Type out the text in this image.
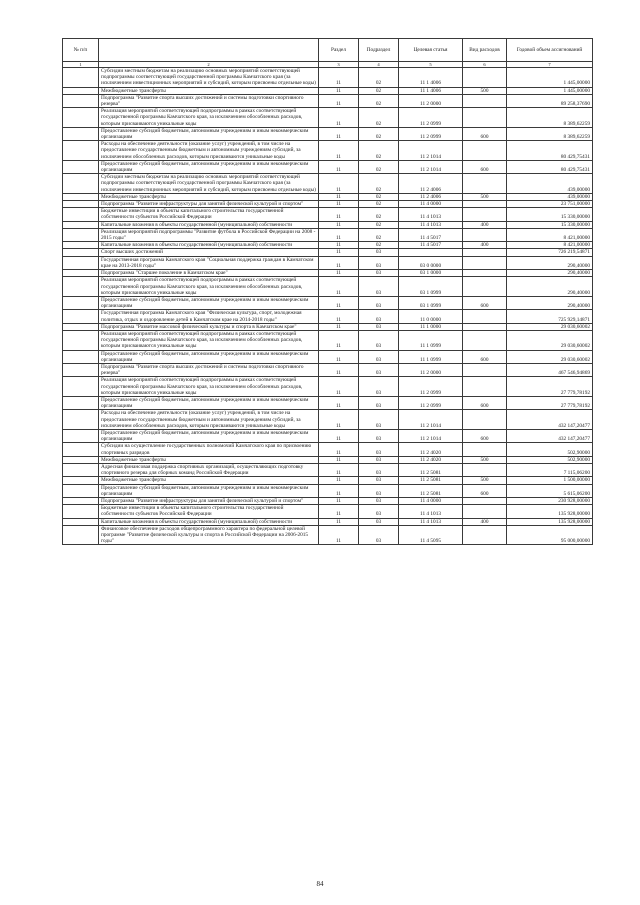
№ п/п		Раздел	Подраздел	Целевая статья	Вид расходов	Годовой объем ассигнований
1	2	3	4	5	6	7
	Субсидии местным бюджетам на реализацию основных мероприятий соответствующей подпрограммы соответствующей государственной программы Камчатского края (за исключением инвестиционных мероприятий и субсидий, которым присвоены отдельные коды)	11	02	11 1 4006		1 445,00000
	Межбюджетные трансферты	11	02	11 1 4006	500	1 445,00000
	Подпрограмма "Развитие спорта высших достижений и системы подготовки спортивного резерва"	11	02	11 2 0000		89 258,37690
	Реализация мероприятий соответствующей подпрограммы в рамках соответствующей государственной программы Камчатского края, за исключением обособленных расходов, которым присваиваются уникальные коды	11	02	11 2 0999		8 389,62259
	Предоставление субсидий бюджетным, автономным учреждениям и иным некоммерческим организациям	11	02	11 2 0999	600	8 389,62259
	Расходы на обеспечение деятельности (оказание услуг) учреждений, в том числе на предоставление государственным бюджетным и автономным учреждениям субсидий, за исключением обособленных расходов, которым присваиваются уникальные коды	11	02	11 2 1014		80 429,75431
	Предоставление субсидий бюджетным, автономным учреждениям и иным некоммерческим организациям	11	02	11 2 1014	600	80 429,75431
	Субсидии местным бюджетам на реализацию основных мероприятий соответствующей подпрограммы соответствующей государственной программы Камчатского края (за исключением инвестиционных мероприятий и субсидий, которым присвоены отдельные коды)	11	02	11 2 4006		439,00000
	Межбюджетные трансферты	11	02	11 2 4006	500	439,00000
	Подпрограмма "Развитие инфраструктуры для занятий физической культурой и спортом"	11	02	11 4 0000		23 751,00000
	Бюджетные инвестиции в объекты капитального строительства государственной собственности субъектов Российской Федерации	11	02	11 4 1013		15 330,00000
	Капитальные вложения в объекты государственной (муниципальной) собственности	11	02	11 4 1013	400	15 330,00000
	Реализация мероприятий подпрограммы "Развитие футбола в Российской Федерации на 2008 - 2015 годы"	11	02	11 4 5017		8 421,00000
	Капитальные вложения в объекты государственной (муниципальной) собственности	11	02	11 4 5017	400	8 421,00000
	Спорт высших достижений	11	03			726 219,54871
	Государственная программа Камчатского края "Социальная поддержка граждан в Камчатском крае на 2013-2018 годы"	11	03	03 0 0000		290,40000
	Подпрограмма "Старшее поколение в Камчатском крае"	11	03	03 1 0000		290,40000
	Реализация мероприятий соответствующей подпрограммы в рамках соответствующей государственной программы Камчатского края, за исключением обособленных расходов, которым присваиваются уникальные коды	11	03	03 1 0999		290,40000
	Предоставление субсидий бюджетным, автономным учреждениям и иным некоммерческим организациям	11	03	03 1 0999	600	290,40000
	Государственная программа Камчатского края "Физическая культура, спорт, молодежная политика, отдых и оздоровление детей в Камчатском крае на 2014-2018 годы"	11	03	11 0 0000		725 929,14871
	Подпрограмма "Развитие массовой физической культуры и спорта в Камчатском крае"	11	03	11 1 0000		29 030,60002
	Реализация мероприятий соответствующей подпрограммы в рамках соответствующей государственной программы Камчатского края, за исключением обособленных расходов, которым присваиваются уникальные коды	11	03	11 1 0999		29 030,60002
	Предоставление субсидий бюджетным, автономным учреждениям и иным некоммерческим организациям	11	03	11 1 0999	600	29 030,60002
	Подпрограмма "Развитие спорта высших достижений и системы подготовки спортивного резерва"	11	03	11 2 0000		467 546,94869
	Реализация мероприятий соответствующей подпрограммы в рамках соответствующей государственной программы Камчатского края, за исключением обособленных расходов, которым присваиваются уникальные коды	11	03	11 2 0999		27 779,78192
	Предоставление субсидий бюджетным, автономным учреждениям и иным некоммерческим организациям	11	03	11 2 0999	600	27 779,78192
	Расходы на обеспечение деятельности (оказание услуг) учреждений, в том числе на предоставление государственным бюджетным и автономным учреждениям субсидий, за исключением обособленных расходов, которым присваиваются уникальные коды	11	03	11 2 1014		432 147,20477
	Предоставление субсидий бюджетным, автономным учреждениям и иным некоммерческим организациям	11	03	11 2 1014	600	432 147,20477
	Субсидии на осуществление государственных полномочий Камчатского края по присвоению спортивных разрядов	11	03	11 2 4020		502,90000
	Межбюджетные трансферты	11	03	11 2 4020	500	502,90000
	Адресная финансовая поддержка спортивных организаций, осуществляющих подготовку спортивного резерва для сборных команд Российской Федерации	11	03	11 2 5081		7 115,06200
	Межбюджетные трансферты	11	03	11 2 5081	500	1 500,00000
	Предоставление субсидий бюджетным, автономным учреждениям и иным некоммерческим организациям	11	03	11 2 5081	600	5 615,06200
	Подпрограмма "Развитие инфраструктуры для занятий физической культурой и спортом"	11	03	11 4 0000		230 928,00000
	Бюджетные инвестиции в объекты капитального строительства государственной собственности субъектов Российской Федерации	11	03	11 4 1013		135 928,00000
	Капитальные вложения в объекты государственной (муниципальной) собственности	11	03	11 4 1013	400	135 928,00000
	Финансовое обеспечение расходов общепрограммного характера по федеральной целевой программе "Развитие физической культуры и спорта в Российской Федерации на 2006-2015 годы"	11	03	11 4 5095		95 000,00000
84
